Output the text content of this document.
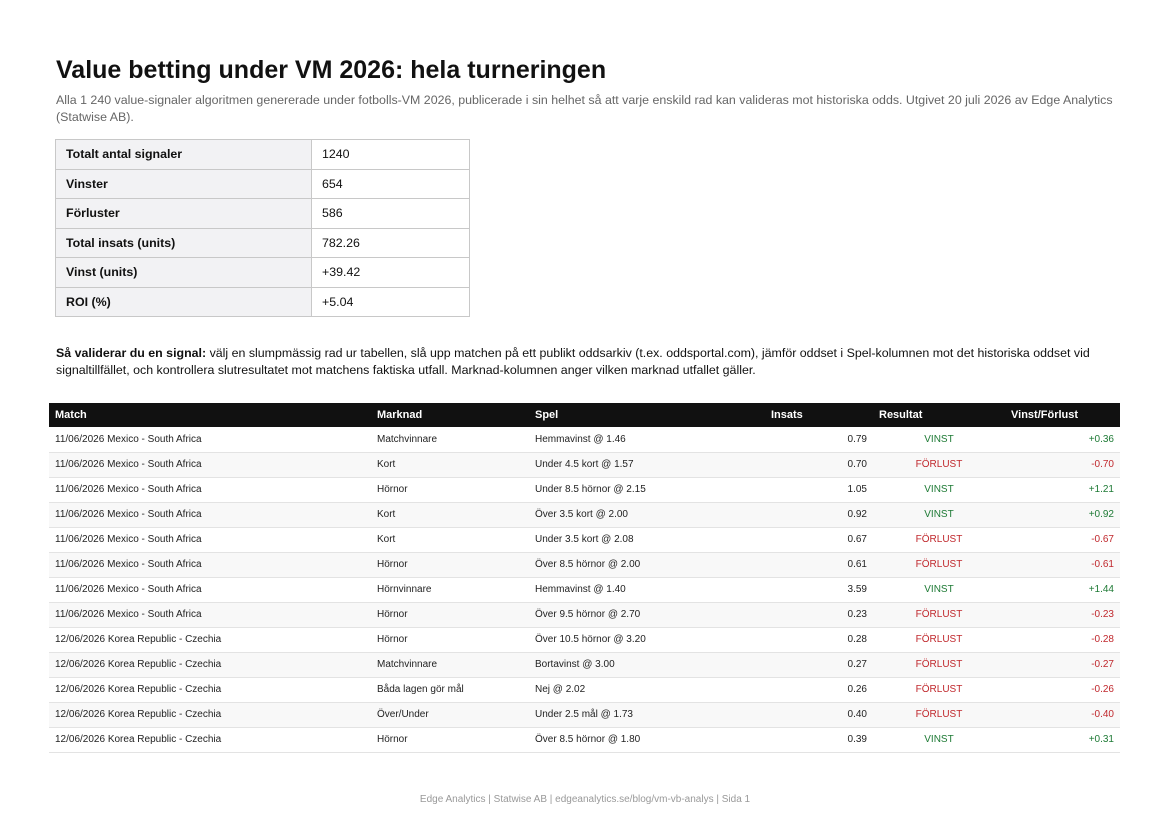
Value betting under VM 2026: hela turneringen
Alla 1 240 value-signaler algoritmen genererade under fotbolls-VM 2026, publicerade i sin helhet så att varje enskild rad kan valideras mot historiska odds. Utgivet 20 juli 2026 av Edge Analytics (Statwise AB).
Totalt antal signaler	1240
Vinster	654
Förluster	586
Total insats (units)	782.26
Vinst (units)	+39.42
ROI (%)	+5.04
Så validerar du en signal: välj en slumpmässig rad ur tabellen, slå upp matchen på ett publikt oddsarkiv (t.ex. oddsportal.com), jämför oddset i Spel-kolumnen mot det historiska oddset vid signaltillfället, och kontrollera slutresultatet mot matchens faktiska utfall. Marknad-kolumnen anger vilken marknad utfallet gäller.
Match	Marknad	Spel	Insats	Resultat	Vinst/Förlust
11/06/2026 Mexico - South Africa	Matchvinnare	Hemmavinst @ 1.46	0.79	VINST	+0.36
11/06/2026 Mexico - South Africa	Kort	Under 4.5 kort @ 1.57	0.70	FÖRLUST	-0.70
11/06/2026 Mexico - South Africa	Hörnor	Under 8.5 hörnor @ 2.15	1.05	VINST	+1.21
11/06/2026 Mexico - South Africa	Kort	Över 3.5 kort @ 2.00	0.92	VINST	+0.92
11/06/2026 Mexico - South Africa	Kort	Under 3.5 kort @ 2.08	0.67	FÖRLUST	-0.67
11/06/2026 Mexico - South Africa	Hörnor	Över 8.5 hörnor @ 2.00	0.61	FÖRLUST	-0.61
11/06/2026 Mexico - South Africa	Hörnvinnare	Hemmavinst @ 1.40	3.59	VINST	+1.44
11/06/2026 Mexico - South Africa	Hörnor	Över 9.5 hörnor @ 2.70	0.23	FÖRLUST	-0.23
12/06/2026 Korea Republic - Czechia	Hörnor	Över 10.5 hörnor @ 3.20	0.28	FÖRLUST	-0.28
12/06/2026 Korea Republic - Czechia	Matchvinnare	Bortavinst @ 3.00	0.27	FÖRLUST	-0.27
12/06/2026 Korea Republic - Czechia	Båda lagen gör mål	Nej @ 2.02	0.26	FÖRLUST	-0.26
12/06/2026 Korea Republic - Czechia	Över/Under	Under 2.5 mål @ 1.73	0.40	FÖRLUST	-0.40
12/06/2026 Korea Republic - Czechia	Hörnor	Över 8.5 hörnor @ 1.80	0.39	VINST	+0.31
Edge Analytics | Statwise AB | edgeanalytics.se/blog/vm-vb-analys | Sida 1
